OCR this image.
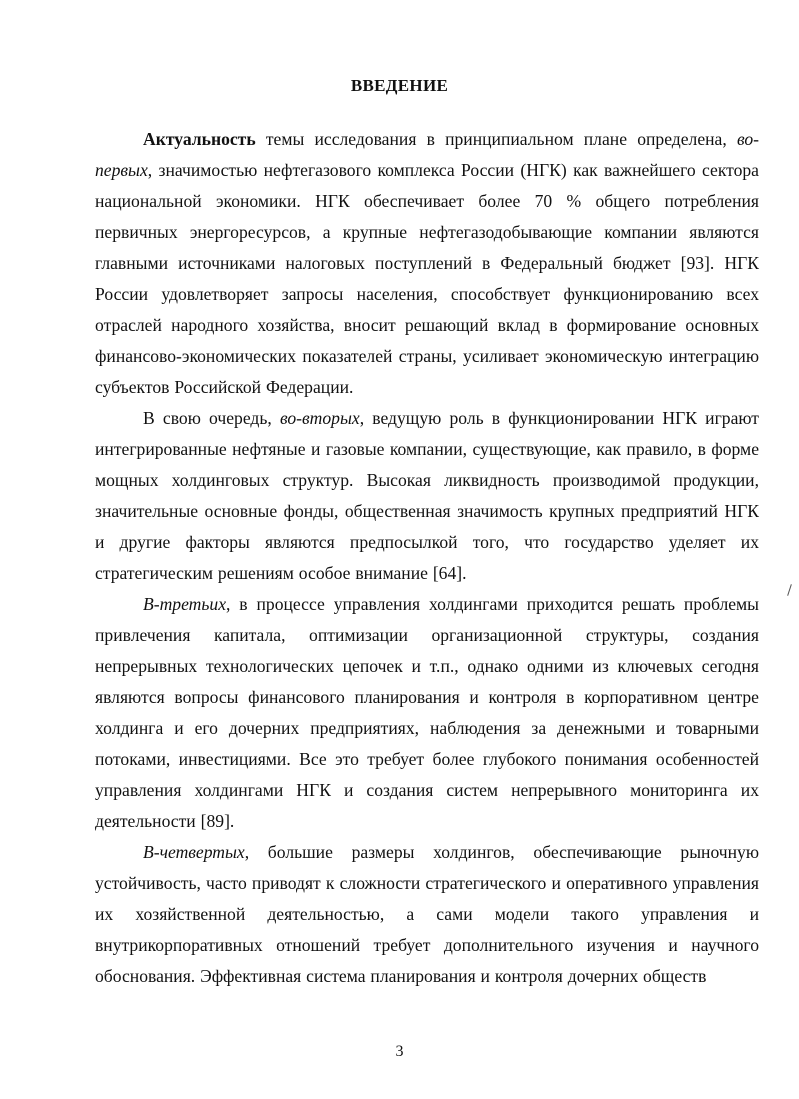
ВВЕДЕНИЕ

Актуальность темы исследования в принципиальном плане определена, во-первых, значимостью нефтегазового комплекса России (НГК) как важнейшего сектора национальной экономики. НГК обеспечивает более 70 % общего потребления первичных энергоресурсов, а крупные нефтегазодобывающие компании являются главными источниками налоговых поступлений в Федеральный бюджет [93]. НГК России удовлетворяет запросы населения, способствует функционированию всех отраслей народного хозяйства, вносит решающий вклад в формирование основных финансово-экономических показателей страны, усиливает экономическую интеграцию субъектов Российской Федерации.

В свою очередь, во-вторых, ведущую роль в функционировании НГК играют интегрированные нефтяные и газовые компании, существующие, как правило, в форме мощных холдинговых структур. Высокая ликвидность производимой продукции, значительные основные фонды, общественная значимость крупных предприятий НГК и другие факторы являются предпосылкой того, что государство уделяет их стратегическим решениям особое внимание [64].

В-третьих, в процессе управления холдингами приходится решать проблемы привлечения капитала, оптимизации организационной структуры, создания непрерывных технологических цепочек и т.п., однако одними из ключевых сегодня являются вопросы финансового планирования и контроля в корпоративном центре холдинга и его дочерних предприятиях, наблюдения за денежными и товарными потоками, инвестициями. Все это требует более глубокого понимания особенностей управления холдингами НГК и создания систем непрерывного мониторинга их деятельности [89].

В-четвертых, большие размеры холдингов, обеспечивающие рыночную устойчивость, часто приводят к сложности стратегического и оперативного управления их хозяйственной деятельностью, а сами модели такого управления и внутрикорпоративных отношений требует дополнительного изучения и научного обоснования. Эффективная система планирования и контроля дочерних обществ

3
